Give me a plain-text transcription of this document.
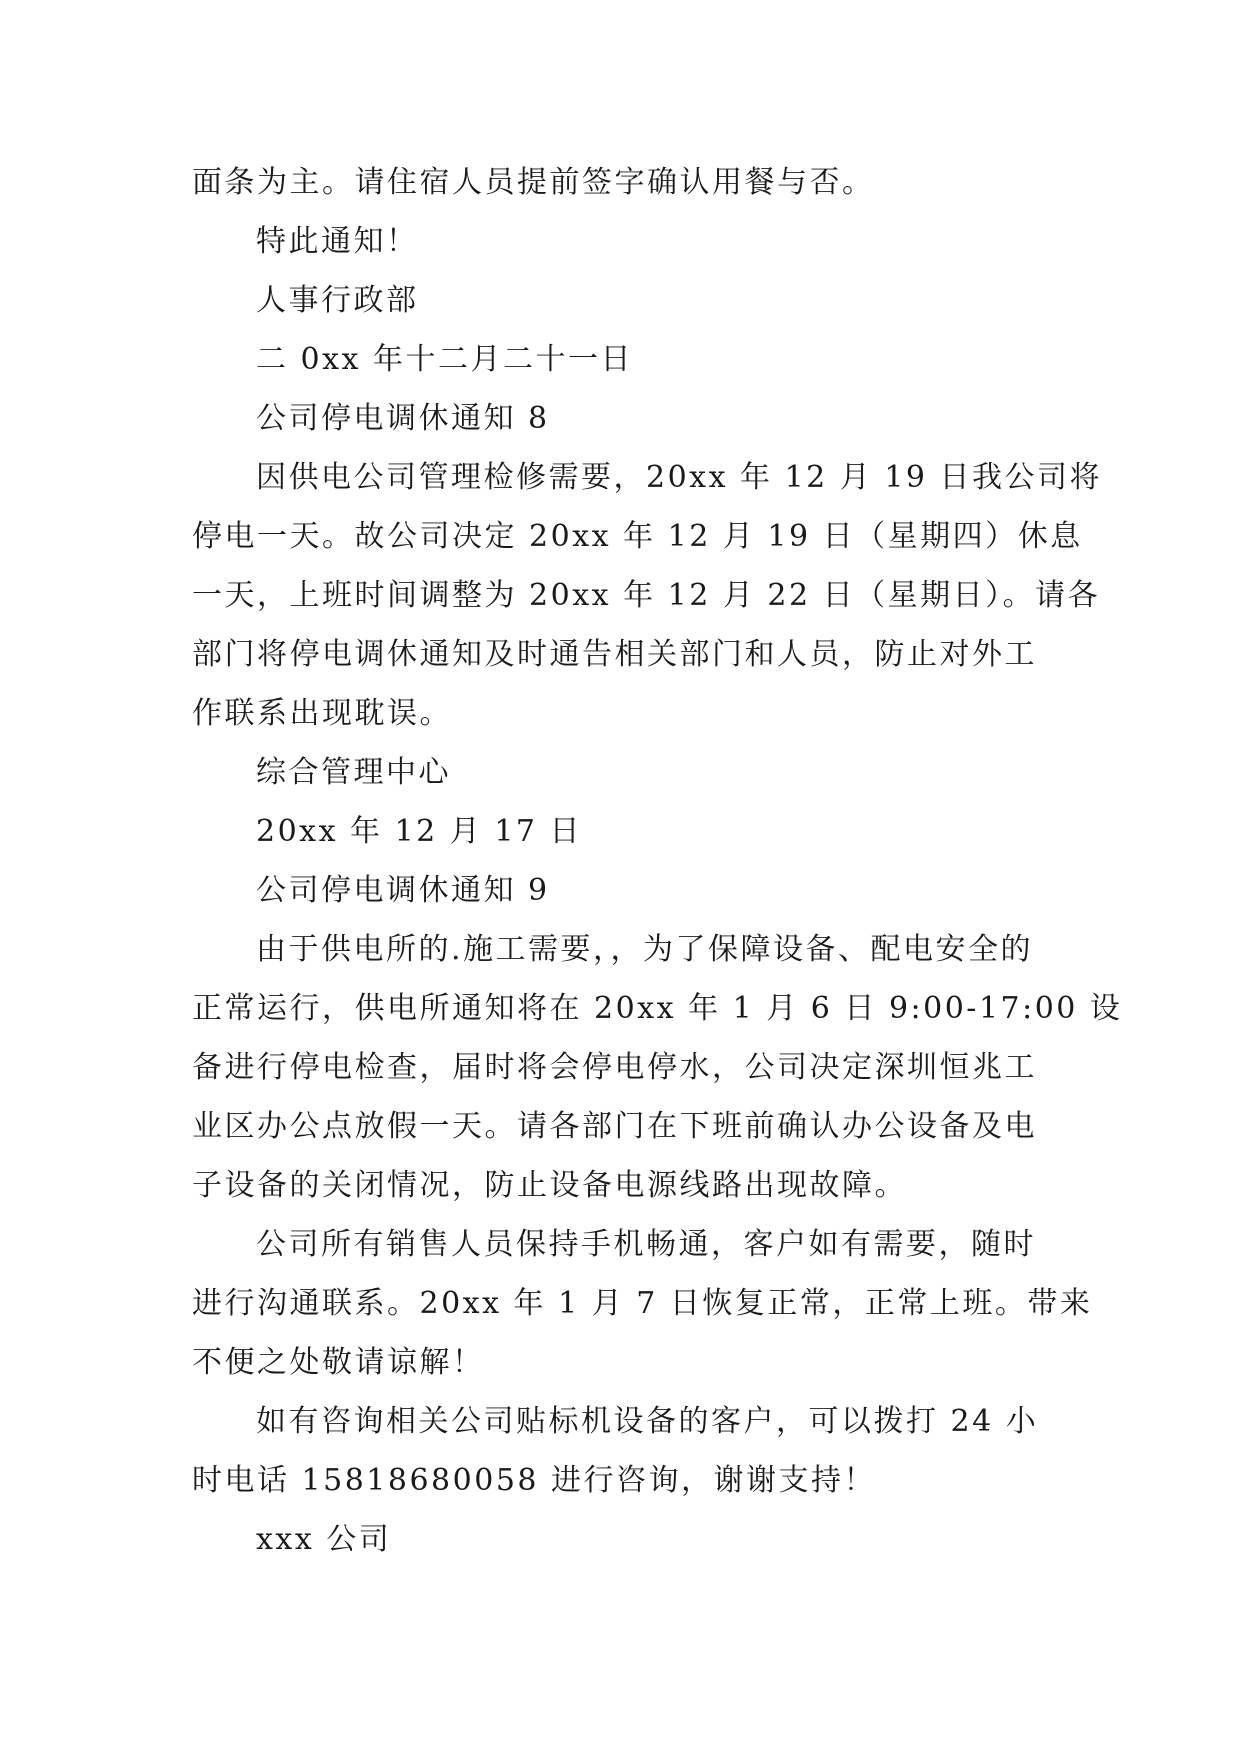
面条为主。请住宿人员提前签字确认用餐与否。
特此通知！
人事行政部
二 0xx 年十二月二十一日
公司停电调休通知 8
因供电公司管理检修需要，20xx 年 12 月 19 日我公司将
停电一天。故公司决定 20xx 年 12 月 19 日（星期四）休息
一天，上班时间调整为 20xx 年 12 月 22 日（星期日）。请各
部门将停电调休通知及时通告相关部门和人员，防止对外工
作联系出现耽误。
综合管理中心
20xx 年 12 月 17 日
公司停电调休通知 9
由于供电所的.施工需要，，为了保障设备、配电安全的
正常运行，供电所通知将在 20xx 年 1 月 6 日 9:00-17:00 设
备进行停电检查，届时将会停电停水，公司决定深圳恒兆工
业区办公点放假一天。请各部门在下班前确认办公设备及电
子设备的关闭情况，防止设备电源线路出现故障。
公司所有销售人员保持手机畅通，客户如有需要，随时
进行沟通联系。20xx 年 1 月 7 日恢复正常，正常上班。带来
不便之处敬请谅解！
如有咨询相关公司贴标机设备的客户，可以拨打 24 小
时电话 15818680058 进行咨询，谢谢支持！
xxx 公司
